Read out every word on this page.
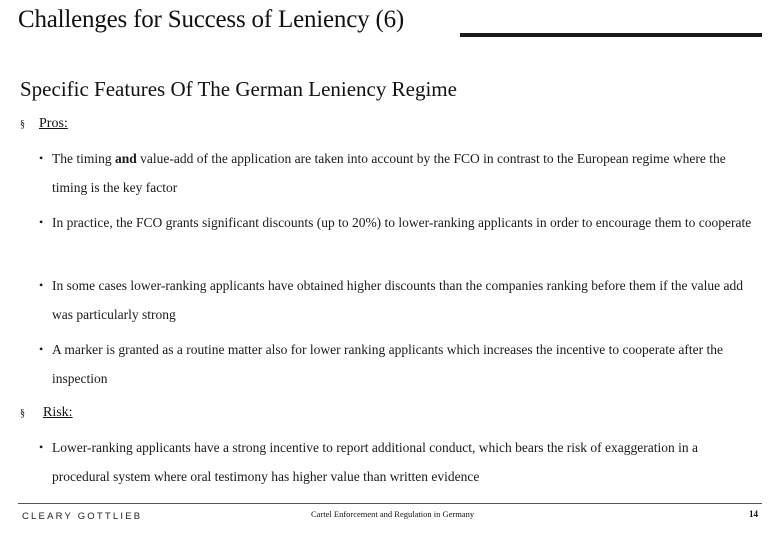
Challenges for Success of Leniency (6)
Specific Features Of The German Leniency Regime
§ Pros:
• The timing and value-add of the application are taken into account by the FCO in contrast to the European regime where the timing is the key factor
• In practice, the FCO grants significant discounts (up to 20%) to lower-ranking applicants in order to encourage them to cooperate
• In some cases lower-ranking applicants have obtained higher discounts than the companies ranking before them if the value add was particularly strong
• A marker is granted as a routine matter also for lower ranking applicants which increases the incentive to cooperate after the inspection
§ Risk:
• Lower-ranking applicants have a strong incentive to report additional conduct, which bears the risk of exaggeration in a procedural system where oral testimony has higher value than written evidence
CLEARY GOTTLIEB	Cartel Enforcement and Regulation in Germany	14
